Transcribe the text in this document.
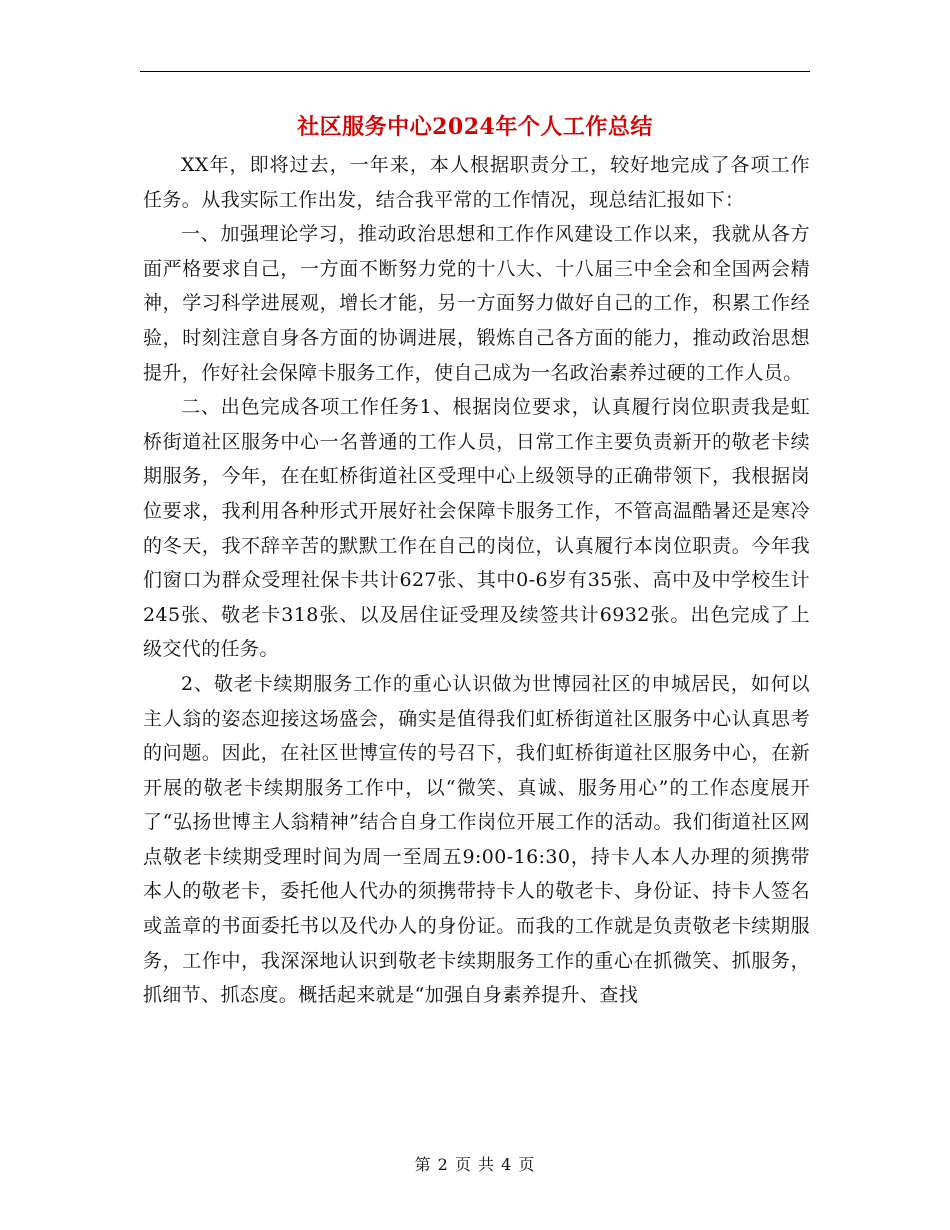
社区服务中心2024年个人工作总结

XX年，即将过去，一年来，本人根据职责分工，较好地完成了各项工作任务。从我实际工作出发，结合我平常的工作情况，现总结汇报如下：

一、加强理论学习，推动政治思想和工作作风建设工作以来，我就从各方面严格要求自己，一方面不断努力党的十八大、十八届三中全会和全国两会精神，学习科学进展观，增长才能，另一方面努力做好自己的工作，积累工作经验，时刻注意自身各方面的协调进展，锻炼自己各方面的能力，推动政治思想提升，作好社会保障卡服务工作，使自己成为一名政治素养过硬的工作人员。

二、出色完成各项工作任务1、根据岗位要求，认真履行岗位职责我是虹桥街道社区服务中心一名普通的工作人员，日常工作主要负责新开的敬老卡续期服务，今年，在在虹桥街道社区受理中心上级领导的正确带领下，我根据岗位要求，我利用各种形式开展好社会保障卡服务工作，不管高温酷暑还是寒冷的冬天，我不辞辛苦的默默工作在自己的岗位，认真履行本岗位职责。今年我们窗口为群众受理社保卡共计627张、其中0-6岁有35张、高中及中学校生计245张、敬老卡318张、以及居住证受理及续签共计6932张。出色完成了上级交代的任务。

2、敬老卡续期服务工作的重心认识做为世博园社区的申城居民，如何以主人翁的姿态迎接这场盛会，确实是值得我们虹桥街道社区服务中心认真思考的问题。因此，在社区世博宣传的号召下，我们虹桥街道社区服务中心，在新开展的敬老卡续期服务工作中，以“微笑、真诚、服务用心”的工作态度展开了“弘扬世博主人翁精神”结合自身工作岗位开展工作的活动。我们街道社区网点敬老卡续期受理时间为周一至周五9:00-16:30，持卡人本人办理的须携带本人的敬老卡，委托他人代办的须携带持卡人的敬老卡、身份证、持卡人签名或盖章的书面委托书以及代办人的身份证。而我的工作就是负责敬老卡续期服务，工作中，我深深地认识到敬老卡续期服务工作的重心在抓微笑、抓服务，抓细节、抓态度。概括起来就是“加强自身素养提升、查找

第 2 页 共 4 页
